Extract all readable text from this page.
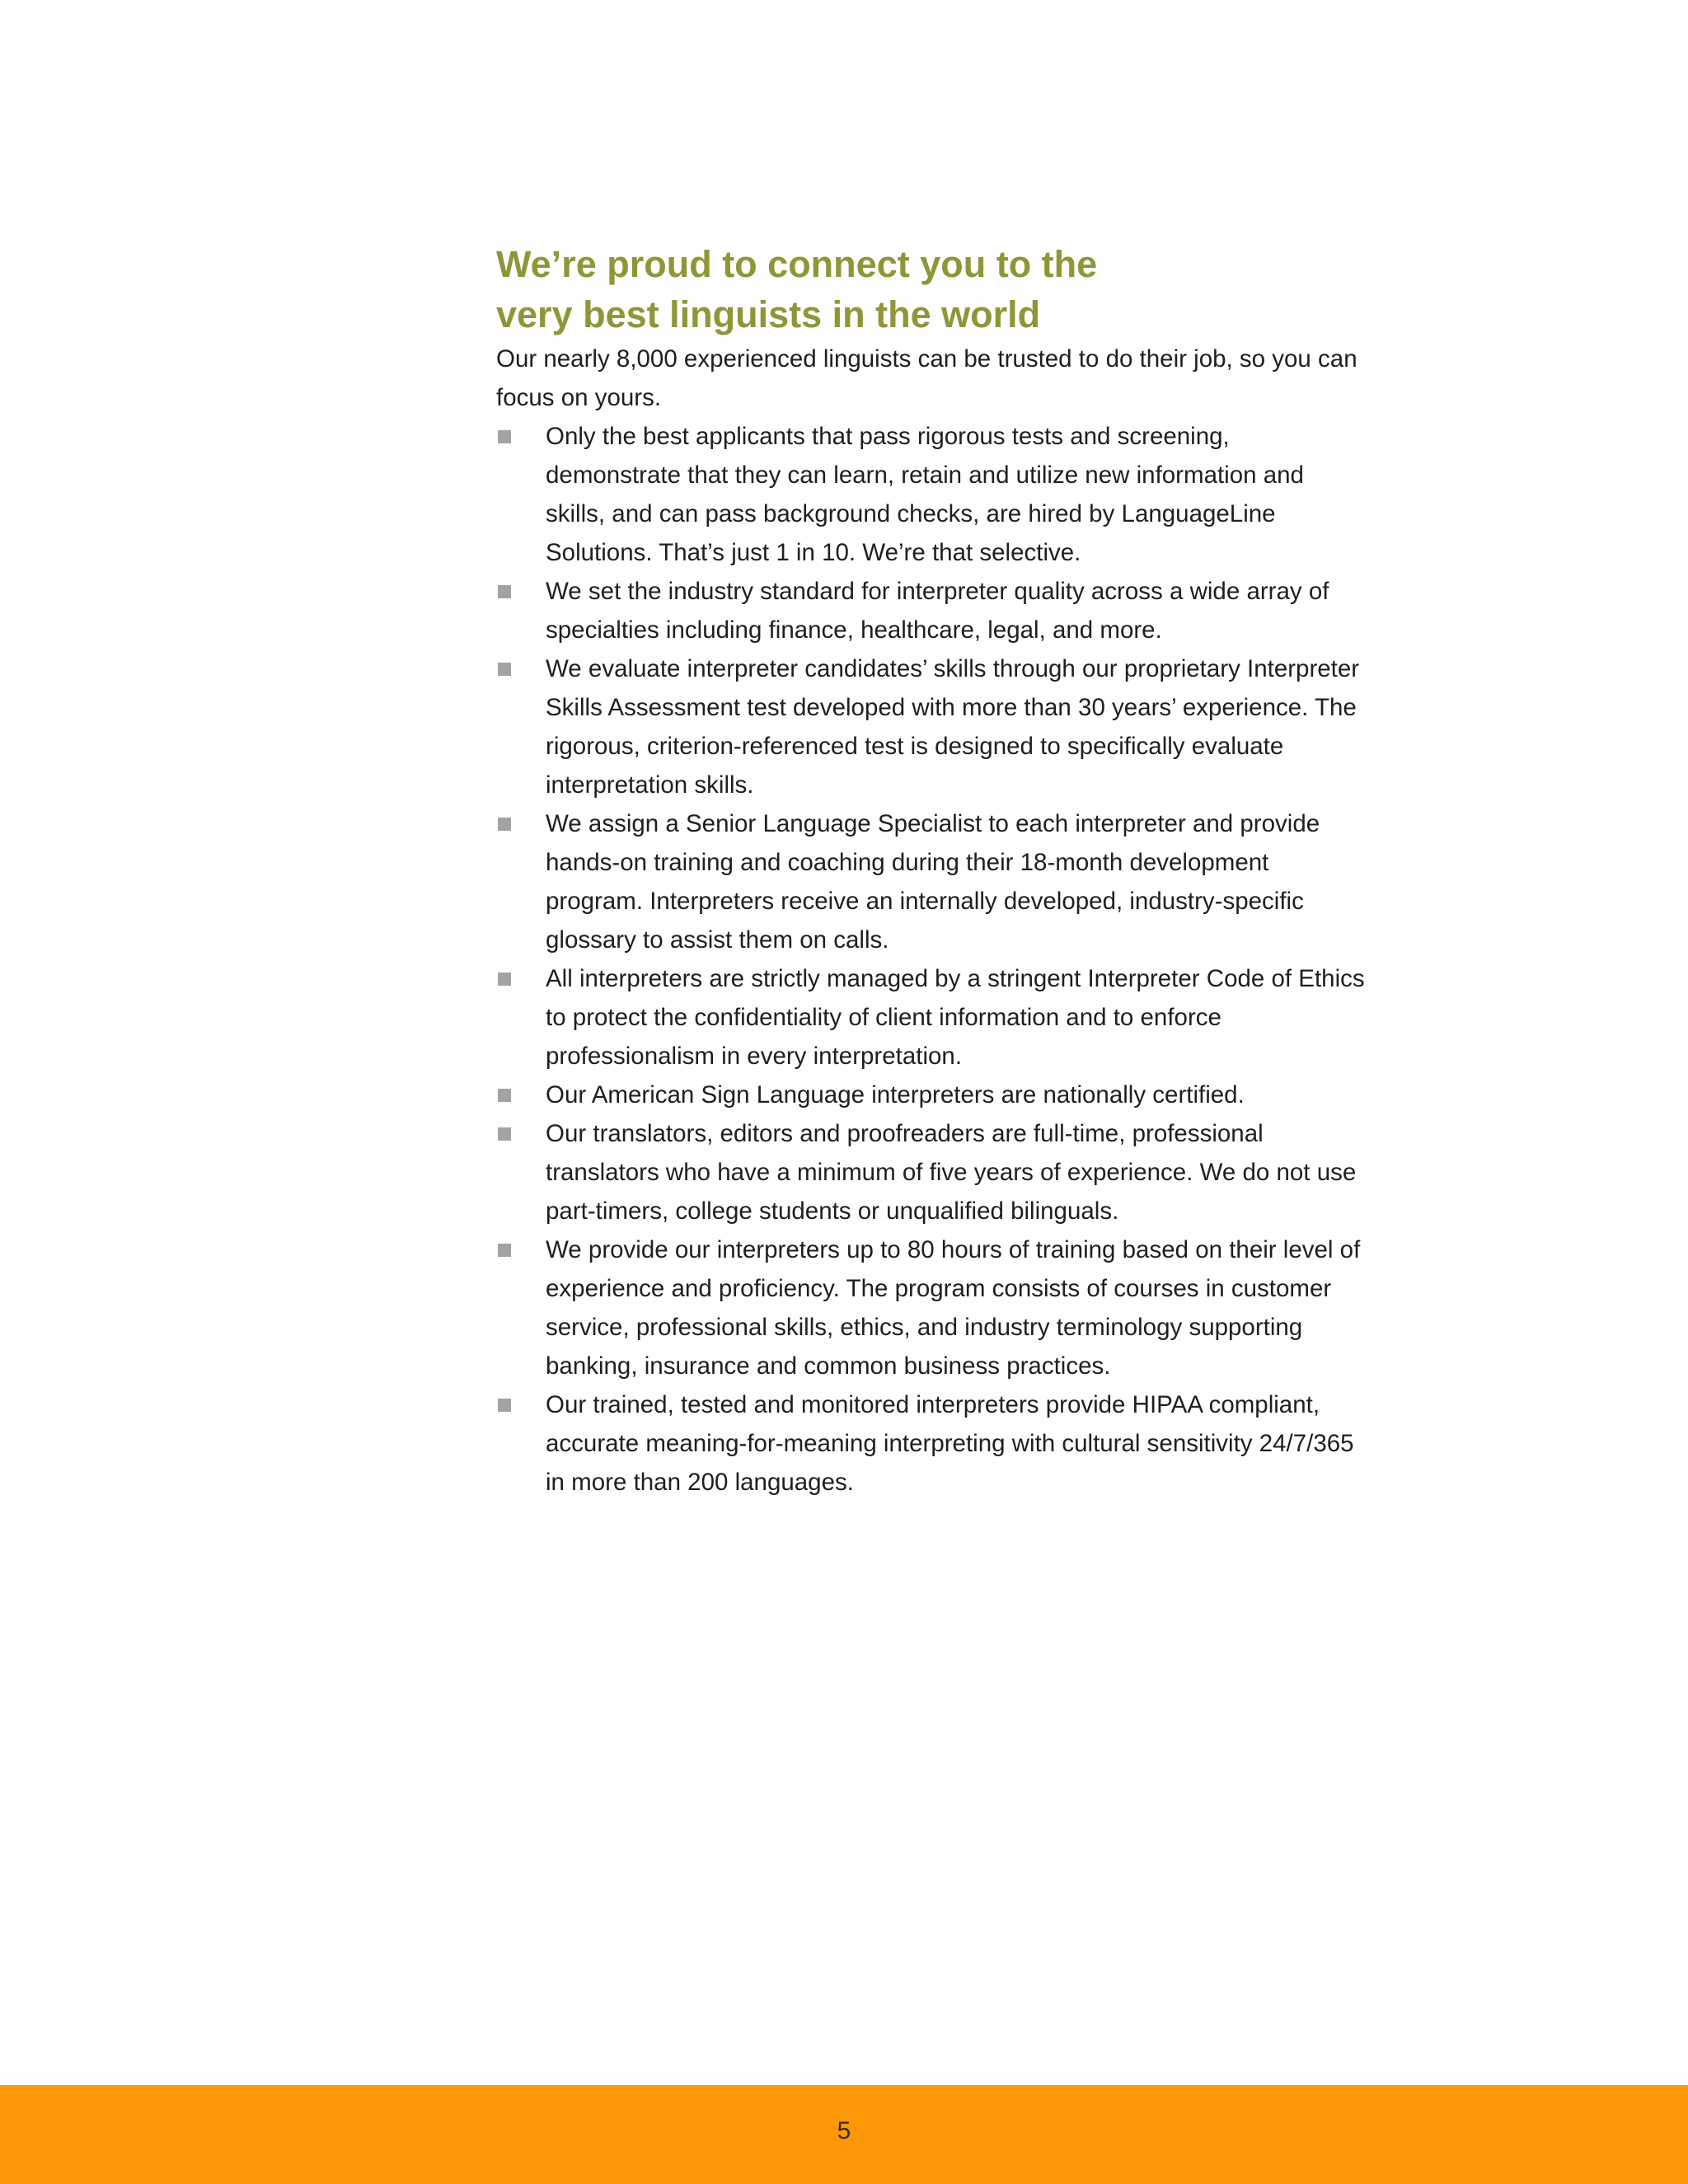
We’re proud to connect you to the
very best linguists in the world

Our nearly 8,000 experienced linguists can be trusted to do their job, so you can focus on yours.

Only the best applicants that pass rigorous tests and screening, demonstrate that they can learn, retain and utilize new information and skills, and can pass background checks, are hired by LanguageLine Solutions. That’s just 1 in 10. We’re that selective.
We set the industry standard for interpreter quality across a wide array of specialties including finance, healthcare, legal, and more.
We evaluate interpreter candidates’ skills through our proprietary Interpreter Skills Assessment test developed with more than 30 years’ experience. The rigorous, criterion-referenced test is designed to specifically evaluate interpretation skills.
We assign a Senior Language Specialist to each interpreter and provide hands-on training and coaching during their 18-month development program. Interpreters receive an internally developed, industry-specific glossary to assist them on calls.
All interpreters are strictly managed by a stringent Interpreter Code of Ethics to protect the confidentiality of client information and to enforce professionalism in every interpretation.
Our American Sign Language interpreters are nationally certified.
Our translators, editors and proofreaders are full-time, professional translators who have a minimum of five years of experience. We do not use part-timers, college students or unqualified bilinguals.
We provide our interpreters up to 80 hours of training based on their level of experience and proficiency. The program consists of courses in customer service, professional skills, ethics, and industry terminology supporting banking, insurance and common business practices.
Our trained, tested and monitored interpreters provide HIPAA compliant, accurate meaning-for-meaning interpreting with cultural sensitivity 24/7/365 in more than 200 languages.
5
